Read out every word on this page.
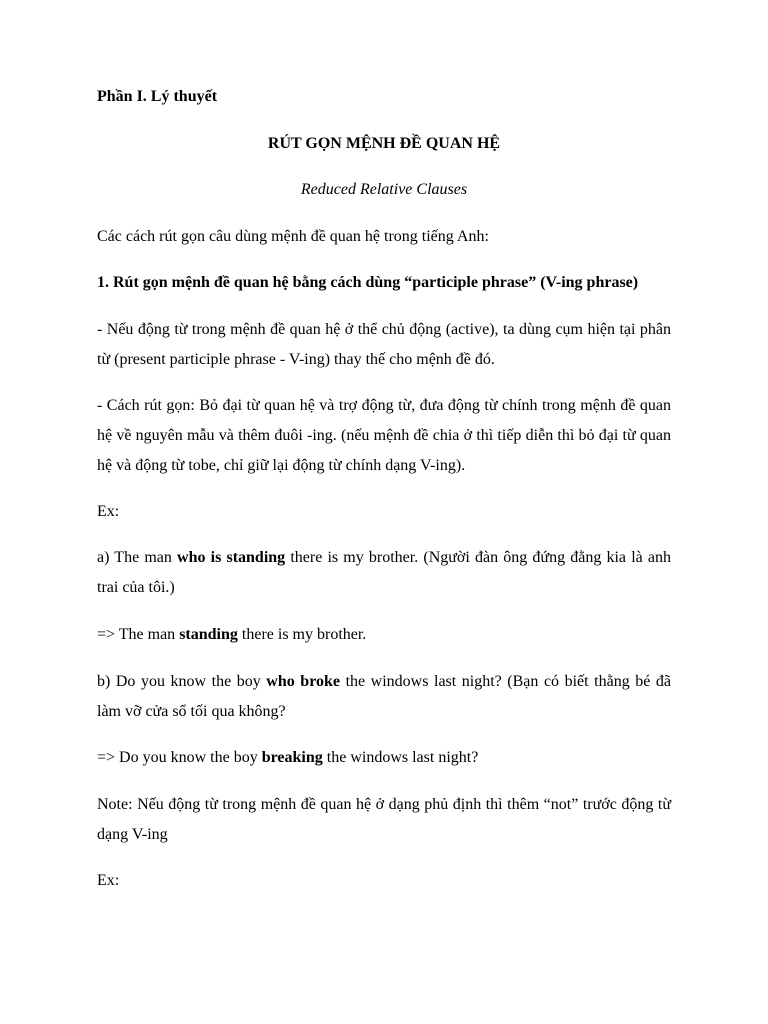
Phần I. Lý thuyết

RÚT GỌN MỆNH ĐỀ QUAN HỆ

Reduced Relative Clauses

Các cách rút gọn câu dùng mệnh đề quan hệ trong tiếng Anh:

1. Rút gọn mệnh đề quan hệ bằng cách dùng “participle phrase” (V-ing phrase)

- Nếu động từ trong mệnh đề quan hệ ở thể chủ động (active), ta dùng cụm hiện tại phân từ (present participle phrase - V-ing) thay thế cho mệnh đề đó.

- Cách rút gọn: Bỏ đại từ quan hệ và trợ động từ, đưa động từ chính trong mệnh đề quan hệ về nguyên mẫu và thêm đuôi -ing. (nếu mệnh đề chia ở thì tiếp diễn thì bỏ đại từ quan hệ và động từ tobe, chỉ giữ lại động từ chính dạng V-ing).

Ex:

a) The man who is standing there is my brother. (Người đàn ông đứng đằng kia là anh trai của tôi.)

=> The man standing there is my brother.

b) Do you know the boy who broke the windows last night? (Bạn có biết thằng bé đã làm vỡ cửa sổ tối qua không?

=> Do you know the boy breaking the windows last night?

Note: Nếu động từ trong mệnh đề quan hệ ở dạng phủ định thì thêm “not” trước động từ dạng V-ing

Ex:
